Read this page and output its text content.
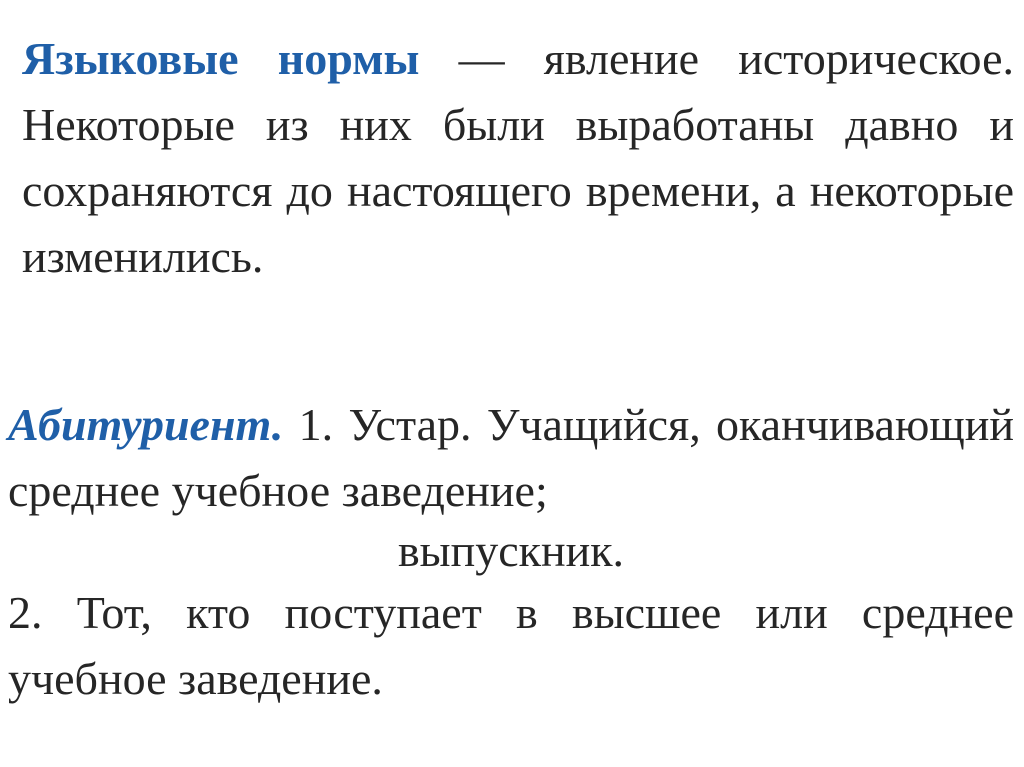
Языковые нормы — явление историческое. Некоторые из них были выработаны давно и сохраняются до настоящего времени, а некоторые изменились.

Абитуриент. 1. Устар. Учащийся, оканчивающий среднее учебное заведение;

выпускник.

2. Тот, кто поступает в высшее или среднее учебное заведение.
